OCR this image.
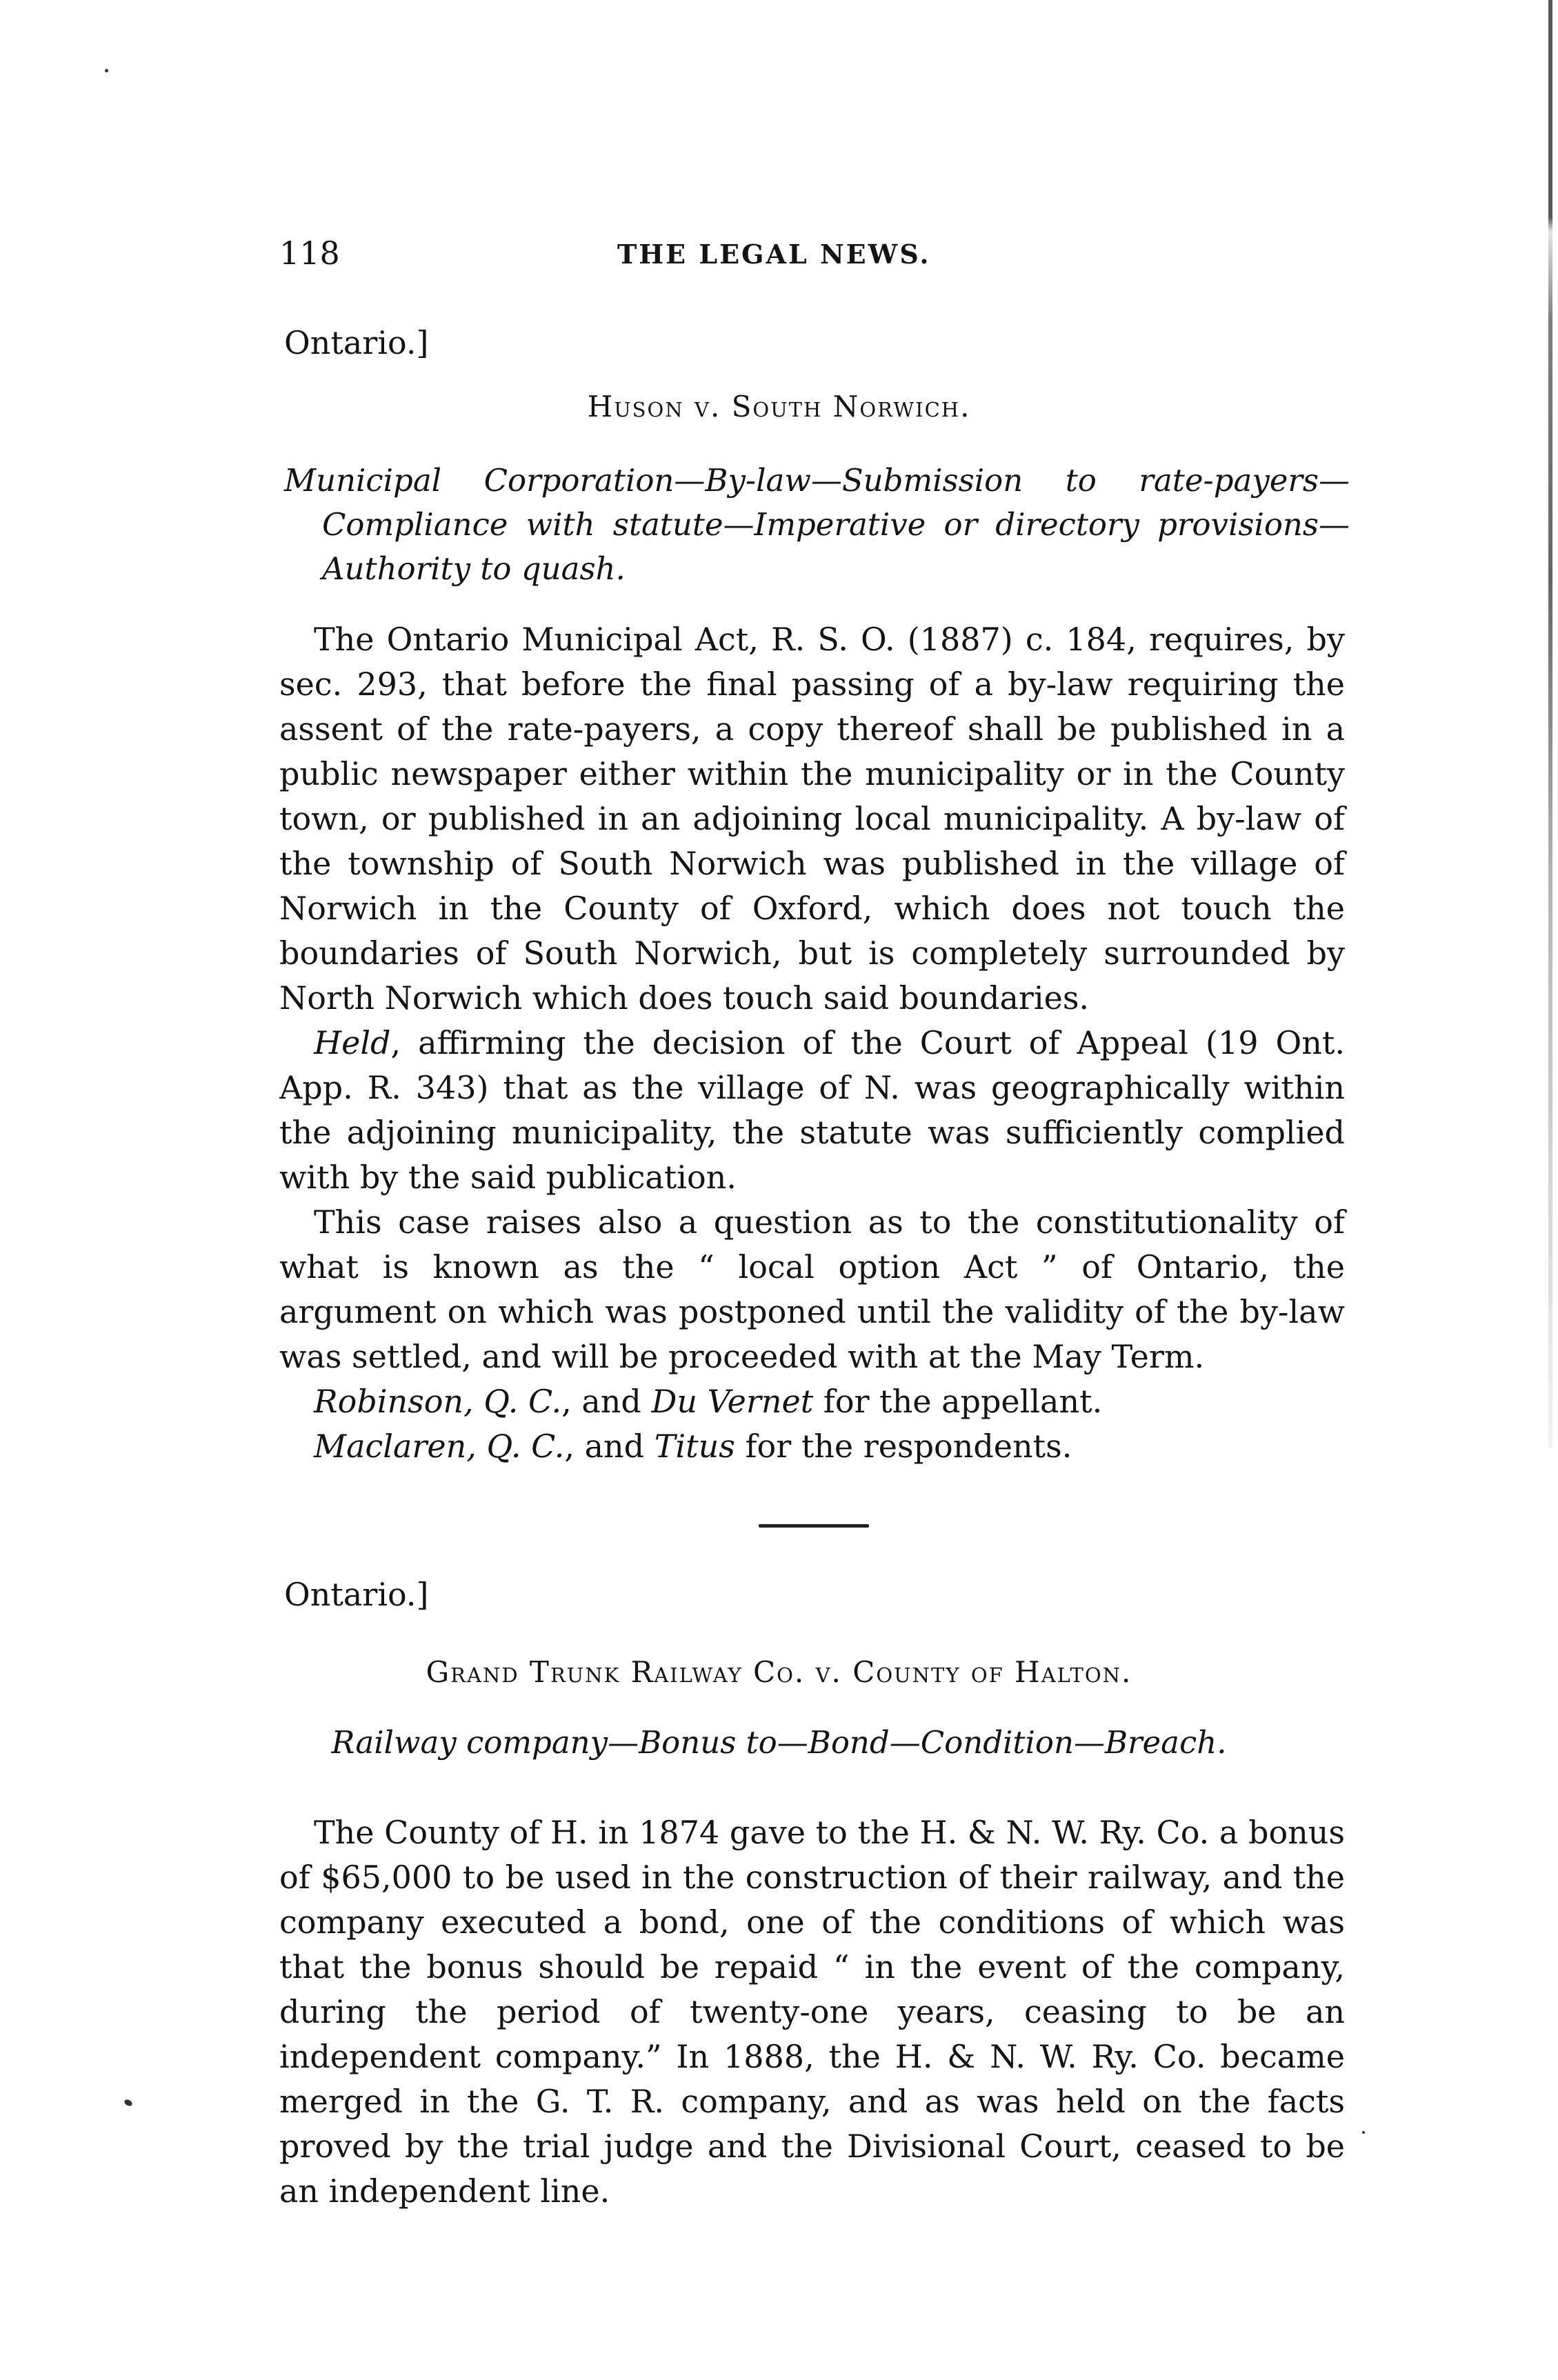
118	THE LEGAL NEWS.
Ontario.]
Huson v. South Norwich.
Municipal Corporation—By-law—Submission to rate-payers—Compliance with statute—Imperative or directory provisions—Authority to quash.

The Ontario Municipal Act, R. S. O. (1887) c. 184, requires, by sec. 293, that before the final passing of a by-law requiring the assent of the rate-payers, a copy thereof shall be published in a public newspaper either within the municipality or in the County town, or published in an adjoining local municipality. A by-law of the township of South Norwich was published in the village of Norwich in the County of Oxford, which does not touch the boundaries of South Norwich, but is completely surrounded by North Norwich which does touch said boundaries.

Held, affirming the decision of the Court of Appeal (19 Ont. App. R. 343) that as the village of N. was geographically within the adjoining municipality, the statute was sufficiently complied with by the said publication.

This case raises also a question as to the constitutionality of what is known as the “ local option Act ” of Ontario, the argument on which was postponed until the validity of the by-law was settled, and will be proceeded with at the May Term.

Robinson, Q. C., and Du Vernet for the appellant.

Maclaren, Q. C., and Titus for the respondents.

Ontario.]
Grand Trunk Railway Co. v. County of Halton.
Railway company—Bonus to—Bond—Condition—Breach.

The County of H. in 1874 gave to the H. & N. W. Ry. Co. a bonus of $65,000 to be used in the construction of their railway, and the company executed a bond, one of the conditions of which was that the bonus should be repaid “ in the event of the company, during the period of twenty-one years, ceasing to be an independent company.” In 1888, the H. & N. W. Ry. Co. became merged in the G. T. R. company, and as was held on the facts proved by the trial judge and the Divisional Court, ceased to be an independent line.
